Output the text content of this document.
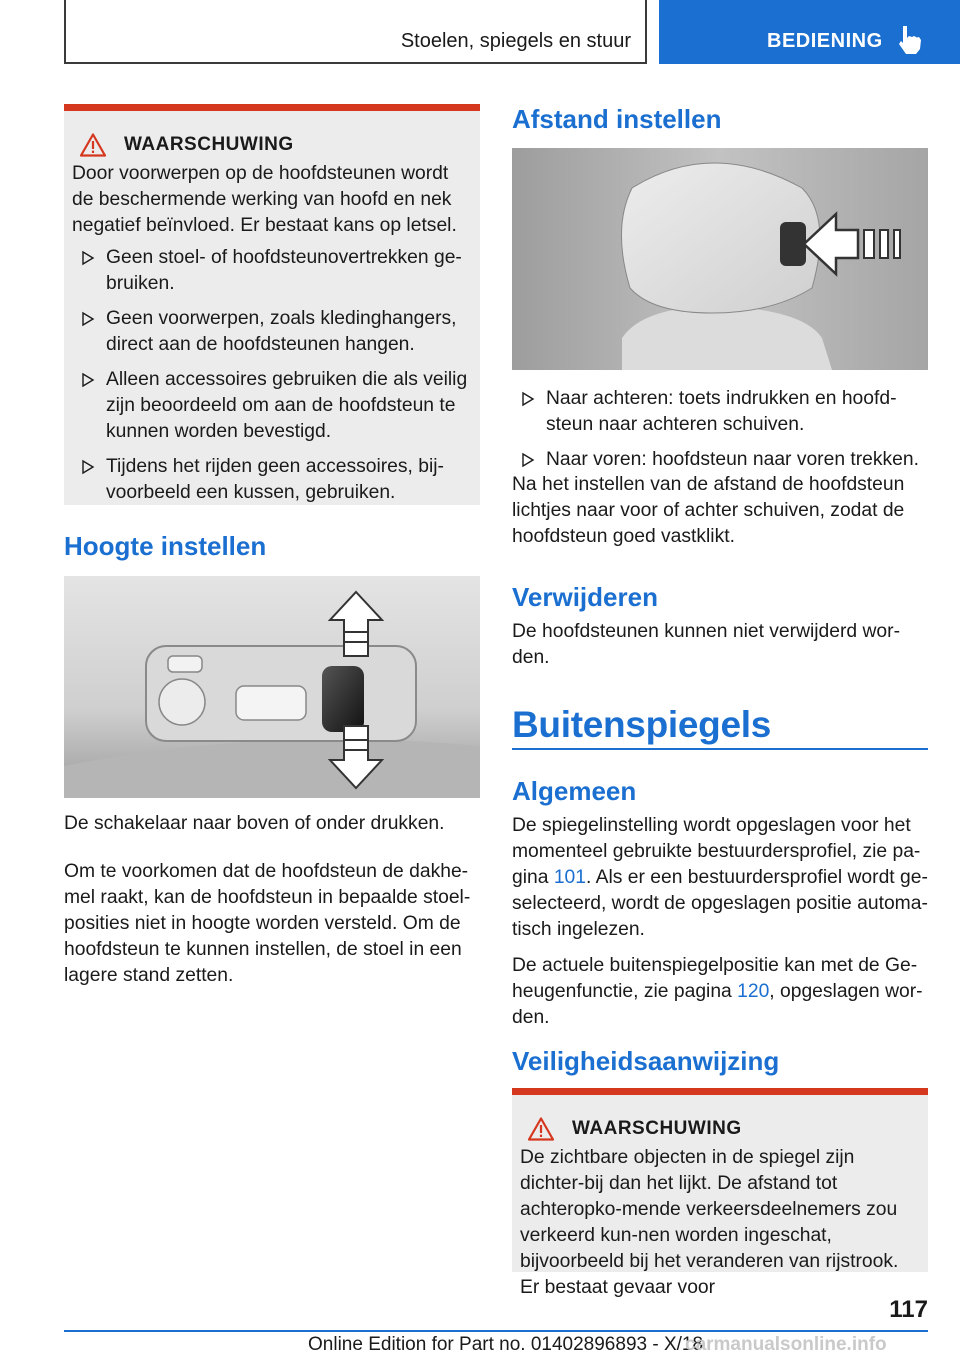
Stoelen, spiegels en stuur	BEDIENING
WAARSCHUWING

Door voorwerpen op de hoofdsteunen wordt de beschermende werking van hoofd en nek negatief beïnvloed. Er bestaat kans op letsel.

Geen stoel- of hoofdsteunovertrekken ge-bruiken.
Geen voorwerpen, zoals kledinghangers, direct aan de hoofdsteunen hangen.
Alleen accessoires gebruiken die als veilig zijn beoordeeld om aan de hoofdsteun te kunnen worden bevestigd.
Tijdens het rijden geen accessoires, bij-voorbeeld een kussen, gebruiken.
Hoogte instellen

De schakelaar naar boven of onder drukken.

Om te voorkomen dat de hoofdsteun de dakhe-mel raakt, kan de hoofdsteun in bepaalde stoel-posities niet in hoogte worden versteld. Om de hoofdsteun te kunnen instellen, de stoel in een lagere stand zetten.

Afstand instellen
Naar achteren: toets indrukken en hoofd-steun naar achteren schuiven.
Naar voren: hoofdsteun naar voren trekken.

Na het instellen van de afstand de hoofdsteun lichtjes naar voor of achter schuiven, zodat de hoofdsteun goed vastklikt.

Verwijderen

De hoofdsteunen kunnen niet verwijderd wor-den.

Buitenspiegels
Algemeen

De spiegelinstelling wordt opgeslagen voor het momenteel gebruikte bestuurdersprofiel, zie pa-gina 101. Als er een bestuurdersprofiel wordt ge-selecteerd, wordt de opgeslagen positie automa-tisch ingelezen.

De actuele buitenspiegelpositie kan met de Ge-heugenfunctie, zie pagina 120, opgeslagen wor-den.

Veiligheidsaanwijzing
WAARSCHUWING

De zichtbare objecten in de spiegel zijn dichter-bij dan het lijkt. De afstand tot achteropko-mende verkeersdeelnemers zou verkeerd kun-nen worden ingeschat, bijvoorbeeld bij het veranderen van rijstrook. Er bestaat gevaar voor

117
Online Edition for Part no. 01402896893 - X/18
carmanualsonline.info
